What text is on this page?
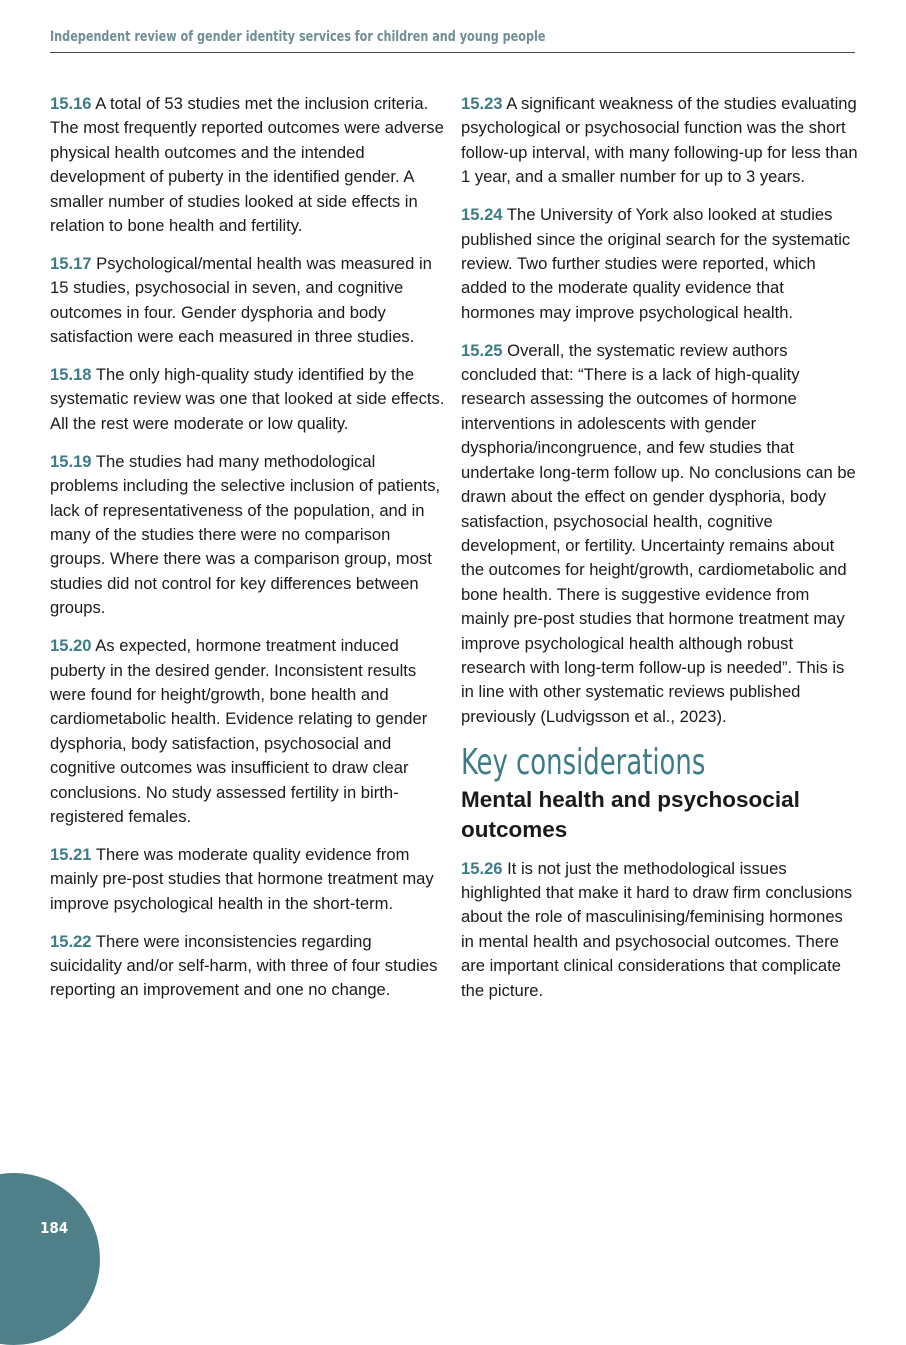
Independent review of gender identity services for children and young people

15.16 A total of 53 studies met the inclusion criteria. The most frequently reported outcomes were adverse physical health outcomes and the intended development of puberty in the identified gender. A smaller number of studies looked at side effects in relation to bone health and fertility.

15.17 Psychological/mental health was measured in 15 studies, psychosocial in seven, and cognitive outcomes in four. Gender dysphoria and body satisfaction were each measured in three studies.

15.18 The only high-quality study identified by the systematic review was one that looked at side effects. All the rest were moderate or low quality.

15.19 The studies had many methodological problems including the selective inclusion of patients, lack of representativeness of the population, and in many of the studies there were no comparison groups. Where there was a comparison group, most studies did not control for key differences between groups.

15.20 As expected, hormone treatment induced puberty in the desired gender. Inconsistent results were found for height/growth, bone health and cardiometabolic health. Evidence relating to gender dysphoria, body satisfaction, psychosocial and cognitive outcomes was insufficient to draw clear conclusions. No study assessed fertility in birth-registered females.

15.21 There was moderate quality evidence from mainly pre-post studies that hormone treatment may improve psychological health in the short-term.

15.22 There were inconsistencies regarding suicidality and/or self-harm, with three of four studies reporting an improvement and one no change.

15.23 A significant weakness of the studies evaluating psychological or psychosocial function was the short follow-up interval, with many following-up for less than 1 year, and a smaller number for up to 3 years.

15.24 The University of York also looked at studies published since the original search for the systematic review. Two further studies were reported, which added to the moderate quality evidence that hormones may improve psychological health.

15.25 Overall, the systematic review authors concluded that: “There is a lack of high-quality research assessing the outcomes of hormone interventions in adolescents with gender dysphoria/incongruence, and few studies that undertake long-term follow up. No conclusions can be drawn about the effect on gender dysphoria, body satisfaction, psychosocial health, cognitive development, or fertility. Uncertainty remains about the outcomes for height/growth, cardiometabolic and bone health. There is suggestive evidence from mainly pre-post studies that hormone treatment may improve psychological health although robust research with long-term follow-up is needed”. This is in line with other systematic reviews published previously (Ludvigsson et al., 2023).

Key considerations
Mental health and psychosocial outcomes

15.26 It is not just the methodological issues highlighted that make it hard to draw firm conclusions about the role of masculinising/feminising hormones in mental health and psychosocial outcomes. There are important clinical considerations that complicate the picture.

184
